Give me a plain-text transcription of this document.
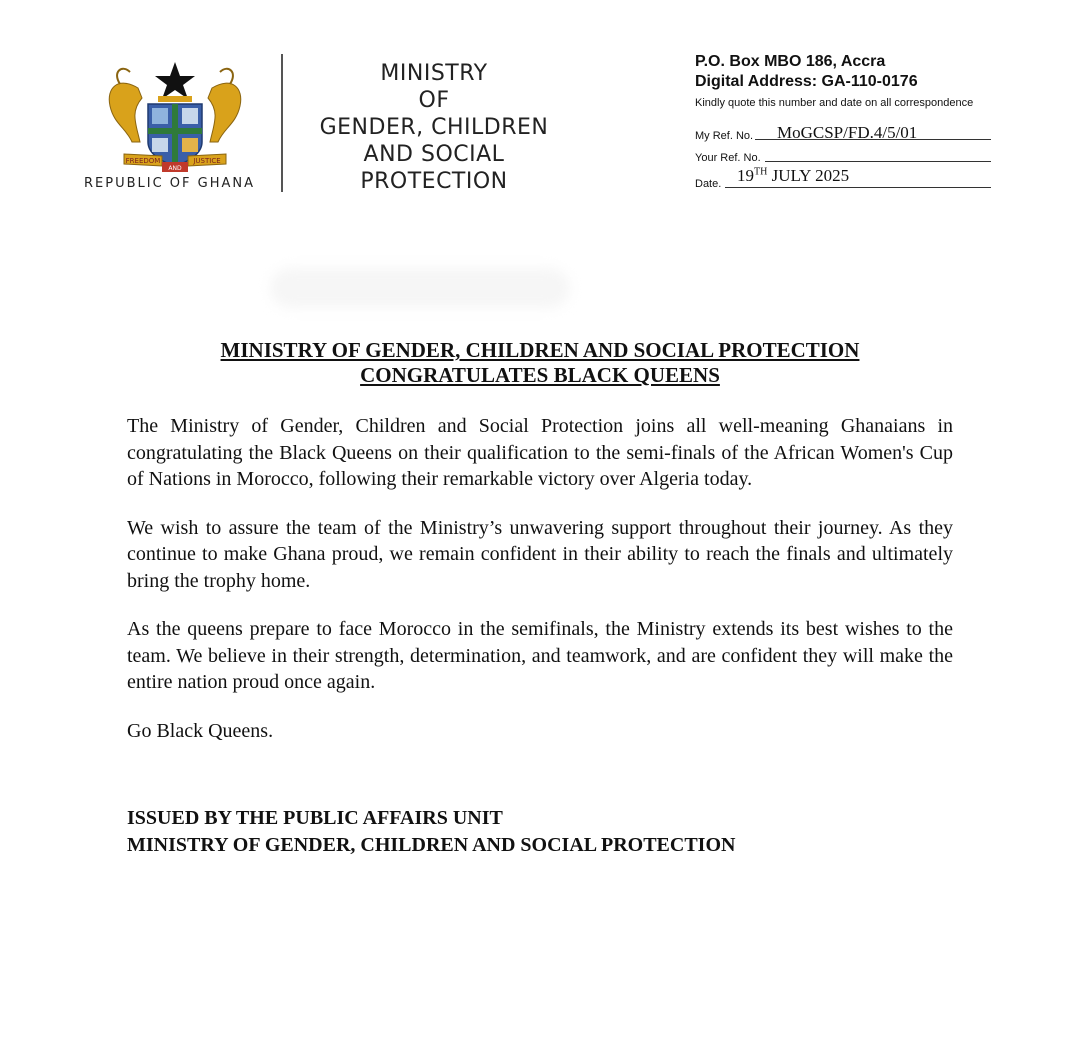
FREEDOM	JUSTICE
AND
REPUBLIC OF GHANA
MINISTRY
OF
GENDER, CHILDREN
AND SOCIAL
PROTECTION
P.O. Box MBO 186, Accra
Digital Address: GA-110-0176
Kindly quote this number and date on all correspondence
My Ref. No. MoGCSP/FD.4/5/01
Your Ref. No.
Date. 19TH JULY 2025
MINISTRY OF GENDER, CHILDREN AND SOCIAL PROTECTION
CONGRATULATES BLACK QUEENS

The Ministry of Gender, Children and Social Protection joins all well-meaning Ghanaians in congratulating the Black Queens on their qualification to the semi-finals of the African Women's Cup of Nations in Morocco, following their remarkable victory over Algeria today.

We wish to assure the team of the Ministry’s unwavering support throughout their journey. As they continue to make Ghana proud, we remain confident in their ability to reach the finals and ultimately bring the trophy home.

As the queens prepare to face Morocco in the semifinals, the Ministry extends its best wishes to the team. We believe in their strength, determination, and teamwork, and are confident they will make the entire nation proud once again.

Go Black Queens.

ISSUED BY THE PUBLIC AFFAIRS UNIT
MINISTRY OF GENDER, CHILDREN AND SOCIAL PROTECTION
